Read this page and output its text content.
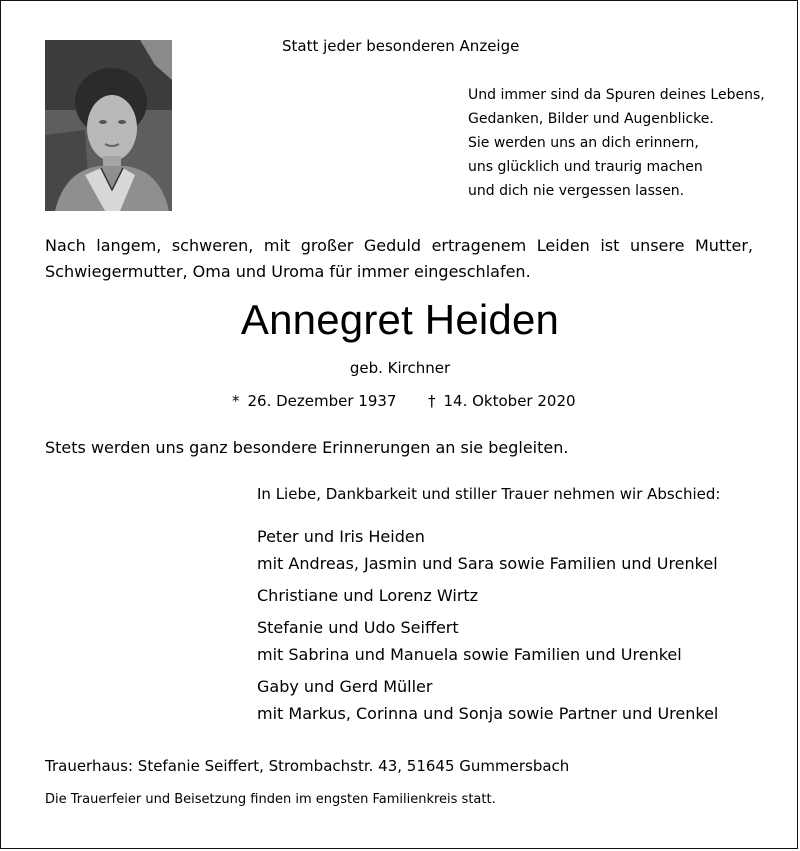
Statt jeder besonderen Anzeige
Und immer sind da Spuren deines Lebens,
Gedanken, Bilder und Augenblicke.
Sie werden uns an dich erinnern,
uns glücklich und traurig machen
und dich nie vergessen lassen.
Nach langem, schweren, mit großer Geduld ertragenem Leiden ist unsere Mutter, Schwiegermutter, Oma und Uroma für immer eingeschlafen.
Annegret Heiden
geb. Kirchner
* 26. Dezember 1937 † 14. Oktober 2020
Stets werden uns ganz besondere Erinnerungen an sie begleiten.
In Liebe, Dankbarkeit und stiller Trauer nehmen wir Abschied:
Peter und Iris Heiden
mit Andreas, Jasmin und Sara sowie Familien und Urenkel
Christiane und Lorenz Wirtz
Stefanie und Udo Seiffert
mit Sabrina und Manuela sowie Familien und Urenkel
Gaby und Gerd Müller
mit Markus, Corinna und Sonja sowie Partner und Urenkel
Trauerhaus: Stefanie Seiffert, Strombachstr. 43, 51645 Gummersbach
Die Trauerfeier und Beisetzung finden im engsten Familienkreis statt.
